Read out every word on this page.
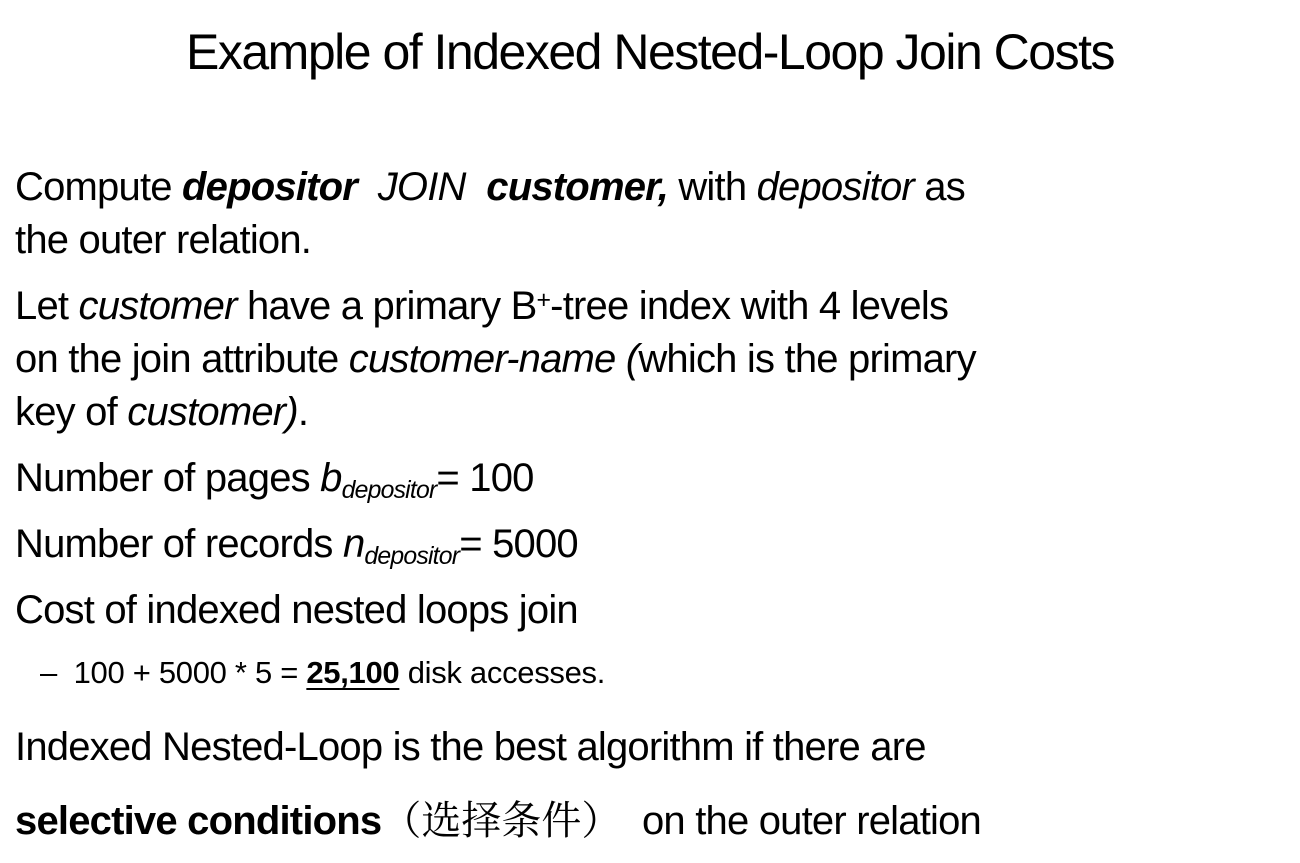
Example of Indexed Nested-Loop Join Costs
Compute depositor JOIN customer, with depositor as
the outer relation.
Let customer have a primary B+-tree index with 4 levels
on the join attribute customer-name (which is the primary
key of customer).
Number of pages bdepositor= 100
Number of records ndepositor= 5000
Cost of indexed nested loops join
–  100 + 5000 * 5 = 25,100 disk accesses.
Indexed Nested-Loop is the best algorithm if there are
selective conditions（选择条件）  on the outer relation
